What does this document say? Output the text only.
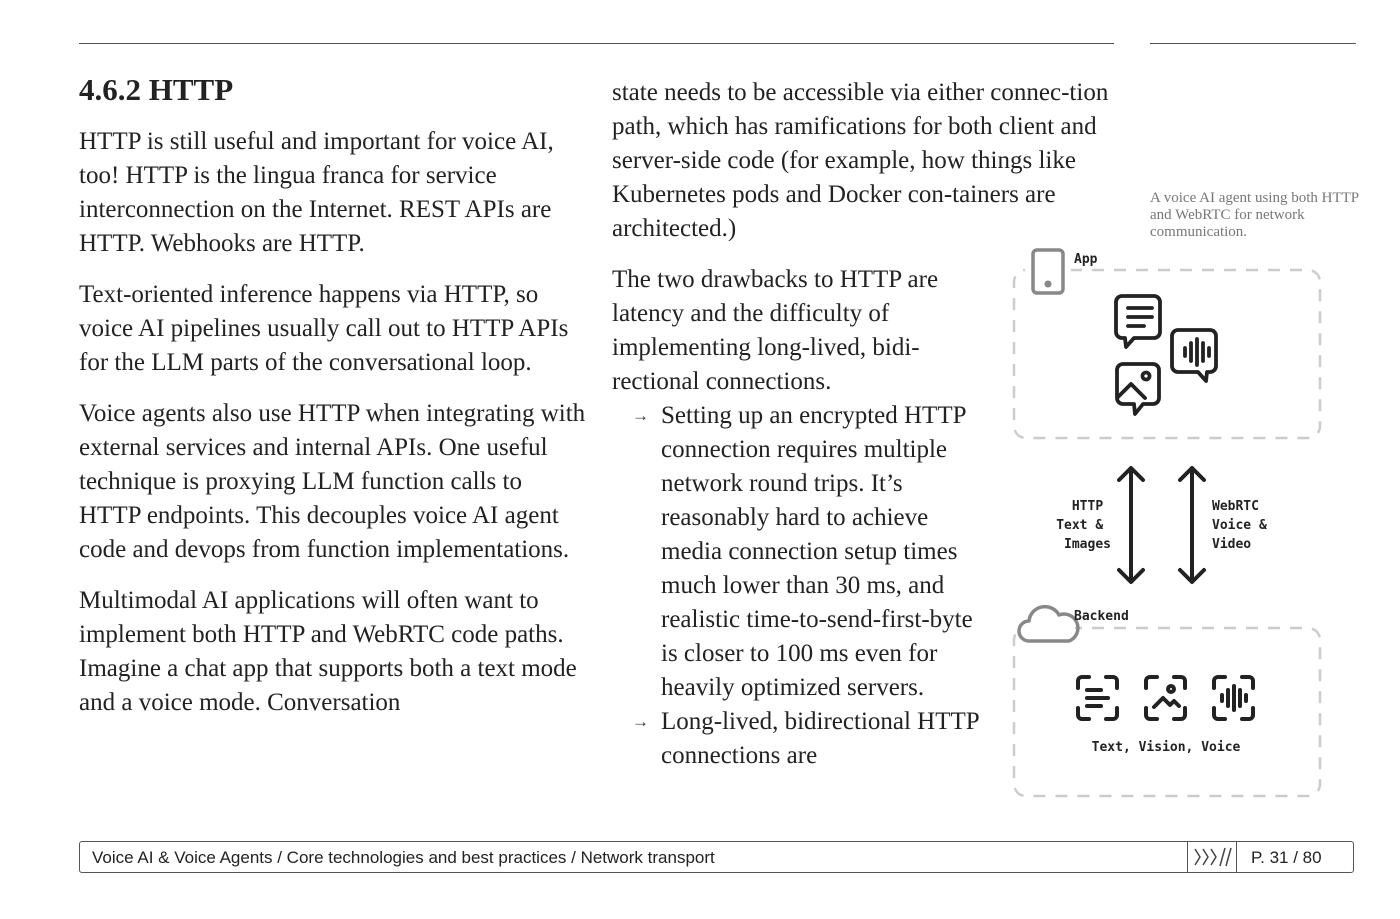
4.6.2 HTTP

HTTP is still useful and important for voice AI, too! HTTP is the lingua franca for service interconnection on the Internet. REST APIs are HTTP. Webhooks are HTTP.

Text-oriented inference happens via HTTP, so voice AI pipelines usually call out to HTTP APIs for the LLM parts of the conversational loop.

Voice agents also use HTTP when integrating with external services and internal APIs. One useful technique is proxying LLM function calls to HTTP endpoints. This decouples voice AI agent code and devops from function implementations.

Multimodal AI applications will often want to implement both HTTP and WebRTC code paths. Imagine a chat app that supports both a text mode and a voice mode. Conversation

state needs to be accessible via either connec-tion path, which has ramifications for both client and server-side code (for example, how things like Kubernetes pods and Docker con-tainers are architected.)

The two drawbacks to HTTP are latency and the difficulty of implementing long-lived, bidi-rectional connections.

→ Setting up an encrypted HTTP connection requires multiple network round trips. It’s reasonably hard to achieve media connection setup times much lower than 30 ms, and realistic time-to-send-first-byte is closer to 100 ms even for heavily optimized servers.
→ Long-lived, bidirectional HTTP connections are
A voice AI agent using both HTTP and WebRTC for network communication.
App
HTTP Text & Images
WebRTC Voice & Video
Backend
Text, Vision, Voice
Voice AI & Voice Agents / Core technologies and best practices / Network transport	P. 31 / 80
